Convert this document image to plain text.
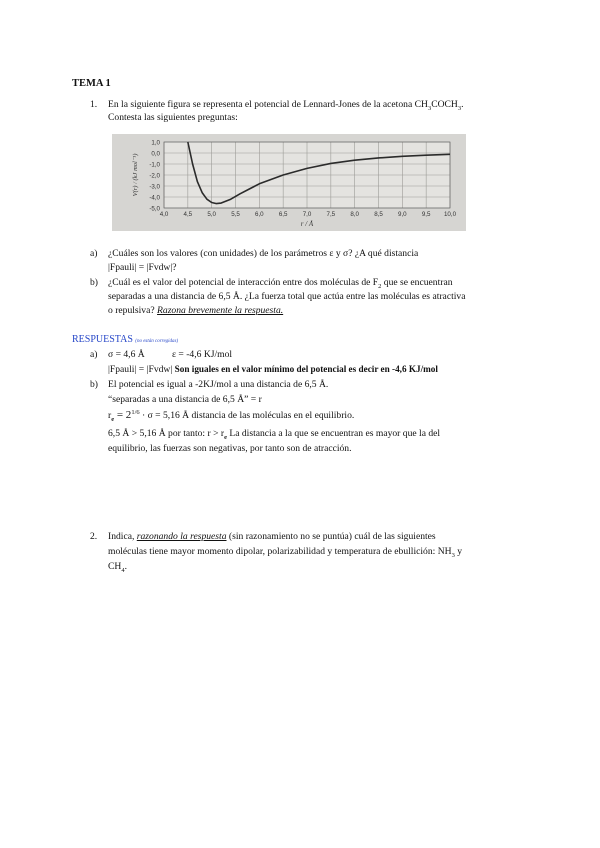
TEMA 1
1. En la siguiente figura se representa el potencial de Lennard-Jones de la acetona $CH_3COCH_3$.
Contesta las siguientes preguntas:
1,0
0,0
-1,0
-2,0
-3,0
-4,0
-5,0
4,0 4,5 5,0 5,5 6,0 6,5 7,0 7,5 8,0 8,5 9,0 9,5 10,0
r / Å
V(r) / (kJ mol⁻¹)
a) ¿Cuáles son los valores (con unidades) de los parámetros ε y σ? ¿A qué distancia
|Fpauli| = |Fvdw|?
b) ¿Cuál es el valor del potencial de interacción entre dos moléculas de $F_2$ que se encuentran
separadas a una distancia de 6,5 Å. ¿La fuerza total que actúa entre las moléculas es atractiva
o repulsiva? Razona brevemente la respuesta.
RESPUESTAS (no están corregidas)
a) σ = 4,6 Å	ε = -4,6 KJ/mol
|Fpauli| = |Fvdw| Son iguales en el valor mínimo del potencial es decir en -4,6 KJ/mol
b) El potencial es igual a -2KJ/mol a una distancia de 6,5 Å.
“separadas a una distancia de 6,5 Å” = r
$r_e = 2^{1/6} \cdot \sigma = 5,16$ Å distancia de las moléculas en el equilibrio.
6,5 Å > 5,16 Å por tanto: $r > r_e$ La distancia a la que se encuentran es mayor que la del
equilibrio, las fuerzas son negativas, por tanto son de atracción.
2. Indica, razonando la respuesta (sin razonamiento no se puntúa) cuál de las siguientes
moléculas tiene mayor momento dipolar, polarizabilidad y temperatura de ebullición: $NH_3$ y
$CH_4$.
